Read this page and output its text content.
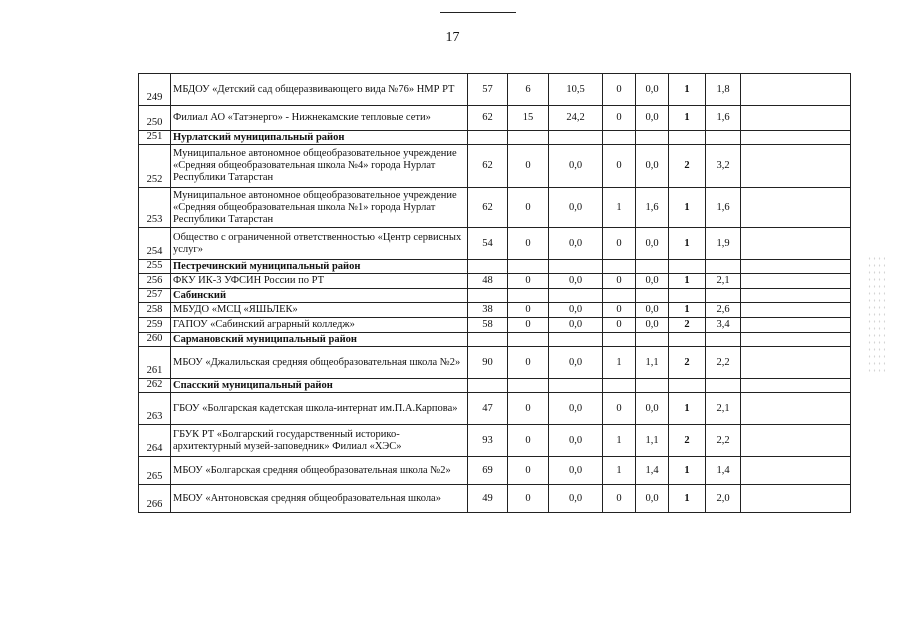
17
249	МБДОУ «Детский сад общеразвивающего вида №76» НМР РТ	57	6	10,5	0	0,0	1	1,8	
250	Филиал АО «Татэнерго» - Нижнекамские тепловые сети»	62	15	24,2	0	0,0	1	1,6	
251	Нурлатский муниципальный район								
252	Муниципальное автономное общеобразовательное учреждение «Средняя общеобразовательная школа №4» города Нурлат Республики Татарстан	62	0	0,0	0	0,0	2	3,2	
253	Муниципальное автономное общеобразовательное учреждение «Средняя общеобразовательная школа №1» города Нурлат Республики Татарстан	62	0	0,0	1	1,6	1	1,6	
254	Общество с ограниченной ответственностью «Центр сервисных услуг»	54	0	0,0	0	0,0	1	1,9	
255	Пестречинский муниципальный район								
256	ФКУ ИК-3 УФСИН России по РТ	48	0	0,0	0	0,0	1	2,1	
257	Сабинский								
258	МБУДО «МСЦ «ЯШЬЛЕК»	38	0	0,0	0	0,0	1	2,6	
259	ГАПОУ «Сабинский аграрный колледж»	58	0	0,0	0	0,0	2	3,4	
260	Сармановский муниципальный район								
261	МБОУ «Джалильская средняя общеобразовательная школа №2»	90	0	0,0	1	1,1	2	2,2	
262	Спасский муниципальный район								
263	ГБОУ «Болгарская кадетская школа-интернат им.П.А.Карпова»	47	0	0,0	0	0,0	1	2,1	
264	ГБУК РТ «Болгарский государственный историко-архитектурный музей-заповедник» Филиал «ХЭС»	93	0	0,0	1	1,1	2	2,2	
265	МБОУ «Болгарская средняя общеобразовательная школа №2»	69	0	0,0	1	1,4	1	1,4	
266	МБОУ «Антоновская средняя общеобразовательная школа»	49	0	0,0	0	0,0	1	2,0	
